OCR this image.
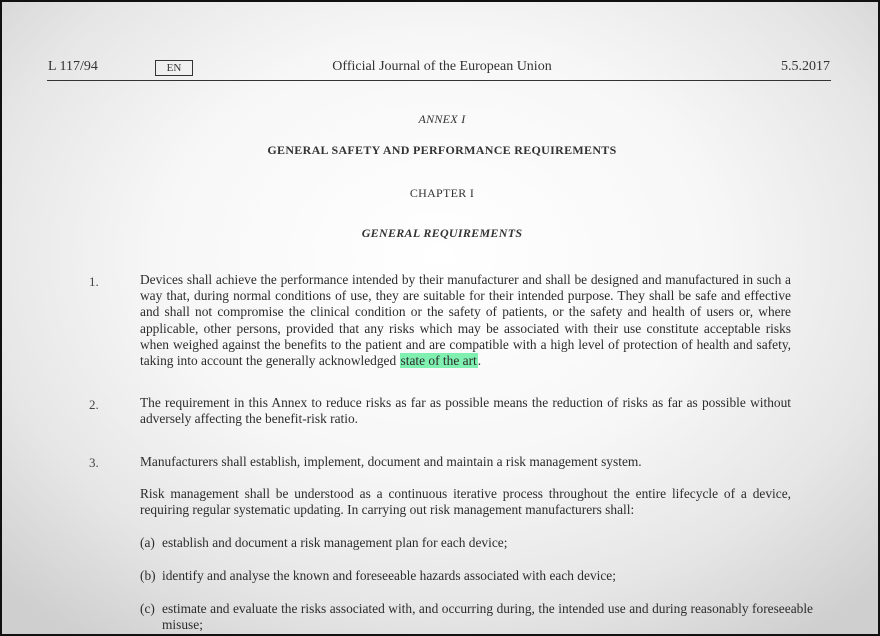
L 117/94	EN	Official Journal of the European Union	5.5.2017
ANNEX I
GENERAL SAFETY AND PERFORMANCE REQUIREMENTS
CHAPTER I
GENERAL REQUIREMENTS
1.	Devices shall achieve the performance intended by their manufacturer and shall be designed and manufactured in such a way that, during normal conditions of use, they are suitable for their intended purpose. They shall be safe and effective and shall not compromise the clinical condition or the safety of patients, or the safety and health of users or, where applicable, other persons, provided that any risks which may be associated with their use constitute acceptable risks when weighed against the benefits to the patient and are compatible with a high level of protection of health and safety, taking into account the generally acknowledged state of the art.
2.	The requirement in this Annex to reduce risks as far as possible means the reduction of risks as far as possible without adversely affecting the benefit-risk ratio.
3.	Manufacturers shall establish, implement, document and maintain a risk management system.
Risk management shall be understood as a continuous iterative process throughout the entire lifecycle of a device, requiring regular systematic updating. In carrying out risk management manufacturers shall:
(a) establish and document a risk management plan for each device;
(b) identify and analyse the known and foreseeable hazards associated with each device;
(c) estimate and evaluate the risks associated with, and occurring during, the intended use and during reasonably foreseeable misuse;
